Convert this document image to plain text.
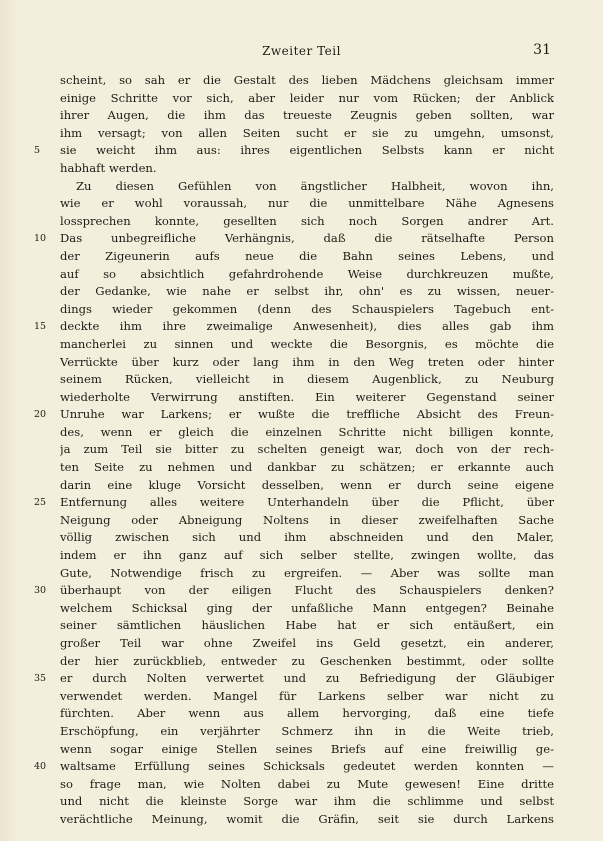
Zweiter Teil	31
scheint, so sah er die Gestalt des lieben Mädchens gleichsam immer
einige Schritte vor sich, aber leider nur vom Rücken; der Anblick
ihrer Augen, die ihm das treueste Zeugnis geben sollten, war
ihm versagt; von allen Seiten sucht er sie zu umgehn, umsonst,
5	sie weicht ihm aus: ihres eigentlichen Selbsts kann er nicht
habhaft werden.
Zu diesen Gefühlen von ängstlicher Halbheit, wovon ihn,
wie er wohl voraussah, nur die unmittelbare Nähe Agnesens
lossprechen konnte, gesellten sich noch Sorgen andrer Art.
10	Das unbegreifliche Verhängnis, daß die rätselhafte Person
der Zigeunerin aufs neue die Bahn seines Lebens, und
auf so absichtlich gefahrdrohende Weise durchkreuzen mußte,
der Gedanke, wie nahe er selbst ihr, ohn' es zu wissen, neuer-
dings wieder gekommen (denn des Schauspielers Tagebuch ent-
15	deckte ihm ihre zweimalige Anwesenheit), dies alles gab ihm
mancherlei zu sinnen und weckte die Besorgnis, es möchte die
Verrückte über kurz oder lang ihm in den Weg treten oder hinter
seinem Rücken, vielleicht in diesem Augenblick, zu Neuburg
wiederholte Verwirrung anstiften. Ein weiterer Gegenstand seiner
20	Unruhe war Larkens; er wußte die treffliche Absicht des Freun-
des, wenn er gleich die einzelnen Schritte nicht billigen konnte,
ja zum Teil sie bitter zu schelten geneigt war, doch von der rech-
ten Seite zu nehmen und dankbar zu schätzen; er erkannte auch
darin eine kluge Vorsicht desselben, wenn er durch seine eigene
25	Entfernung alles weitere Unterhandeln über die Pflicht, über
Neigung oder Abneigung Noltens in dieser zweifelhaften Sache
völlig zwischen sich und ihm abschneiden und den Maler,
indem er ihn ganz auf sich selber stellte, zwingen wollte, das
Gute, Notwendige frisch zu ergreifen. — Aber was sollte man
30	überhaupt von der eiligen Flucht des Schauspielers denken?
welchem Schicksal ging der unfaßliche Mann entgegen? Beinahe
seiner sämtlichen häuslichen Habe hat er sich entäußert, ein
großer Teil war ohne Zweifel ins Geld gesetzt, ein anderer,
der hier zurückblieb, entweder zu Geschenken bestimmt, oder sollte
35	er durch Nolten verwertet und zu Befriedigung der Gläubiger
verwendet werden. Mangel für Larkens selber war nicht zu
fürchten. Aber wenn aus allem hervorging, daß eine tiefe
Erschöpfung, ein verjährter Schmerz ihn in die Weite trieb,
wenn sogar einige Stellen seines Briefs auf eine freiwillig ge-
40	waltsame Erfüllung seines Schicksals gedeutet werden konnten —
so frage man, wie Nolten dabei zu Mute gewesen! Eine dritte
und nicht die kleinste Sorge war ihm die schlimme und selbst
verächtliche Meinung, womit die Gräfin, seit sie durch Larkens
